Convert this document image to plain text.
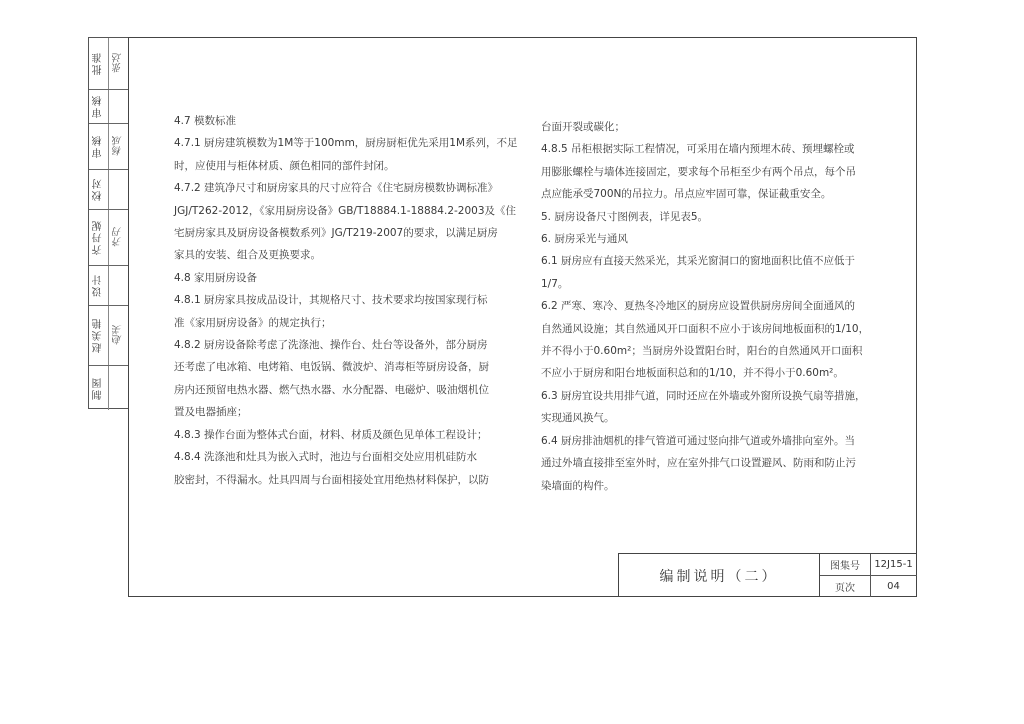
批准 张达
审核
审核 杨成
校对
齐丹妮 齐丹
设计
赵美艳 赵美
制图

4.7 模数标准

4.7.1 厨房建筑模数为1M等于100mm，厨房厨柜优先采用1M系列，不足

时，应使用与柜体材质、颜色相同的部件封闭。

4.7.2 建筑净尺寸和厨房家具的尺寸应符合《住宅厨房模数协调标准》

JGJ/T262-2012，《家用厨房设备》GB/T18884.1-18884.2-2003及《住

宅厨房家具及厨房设备模数系列》JG/T219-2007的要求，以满足厨房

家具的安装、组合及更换要求。

4.8 家用厨房设备

4.8.1 厨房家具按成品设计，其规格尺寸、技术要求均按国家现行标

准《家用厨房设备》的规定执行；

4.8.2 厨房设备除考虑了洗涤池、操作台、灶台等设备外，部分厨房

还考虑了电冰箱、电烤箱、电饭锅、微波炉、消毒柜等厨房设备，厨

房内还预留电热水器、燃气热水器、水分配器、电磁炉、吸油烟机位

置及电器插座；

4.8.3 操作台面为整体式台面，材料、材质及颜色见单体工程设计；

4.8.4 洗涤池和灶具为嵌入式时，池边与台面相交处应用机硅防水

胶密封，不得漏水。灶具四周与台面相接处宜用绝热材料保护，以防

台面开裂或碳化；

4.8.5 吊柜根据实际工程情况，可采用在墙内预埋木砖、预埋螺栓或

用膨胀螺栓与墙体连接固定，要求每个吊柜至少有两个吊点，每个吊

点应能承受700N的吊拉力。吊点应牢固可靠，保证截重安全。

5. 厨房设备尺寸图例表，详见表5。

6. 厨房采光与通风

6.1 厨房应有直接天然采光，其采光窗洞口的窗地面积比值不应低于

1/7。

6.2 严寒、寒冷、夏热冬冷地区的厨房应设置供厨房房间全面通风的

自然通风设施；其自然通风开口面积不应小于该房间地板面积的1/10，

并不得小于0.60m²；当厨房外设置阳台时，阳台的自然通风开口面积

不应小于厨房和阳台地板面积总和的1/10，并不得小于0.60m²。

6.3 厨房宜设共用排气道，同时还应在外墙或外窗所设换气扇等措施，

实现通风换气。

6.4 厨房排油烟机的排气管道可通过竖向排气道或外墙排向室外。当

通过外墙直接排至室外时，应在室外排气口设置避风、防雨和防止污

染墙面的构件。

编制说明（二）
图集号	12J15-1
页次	04
